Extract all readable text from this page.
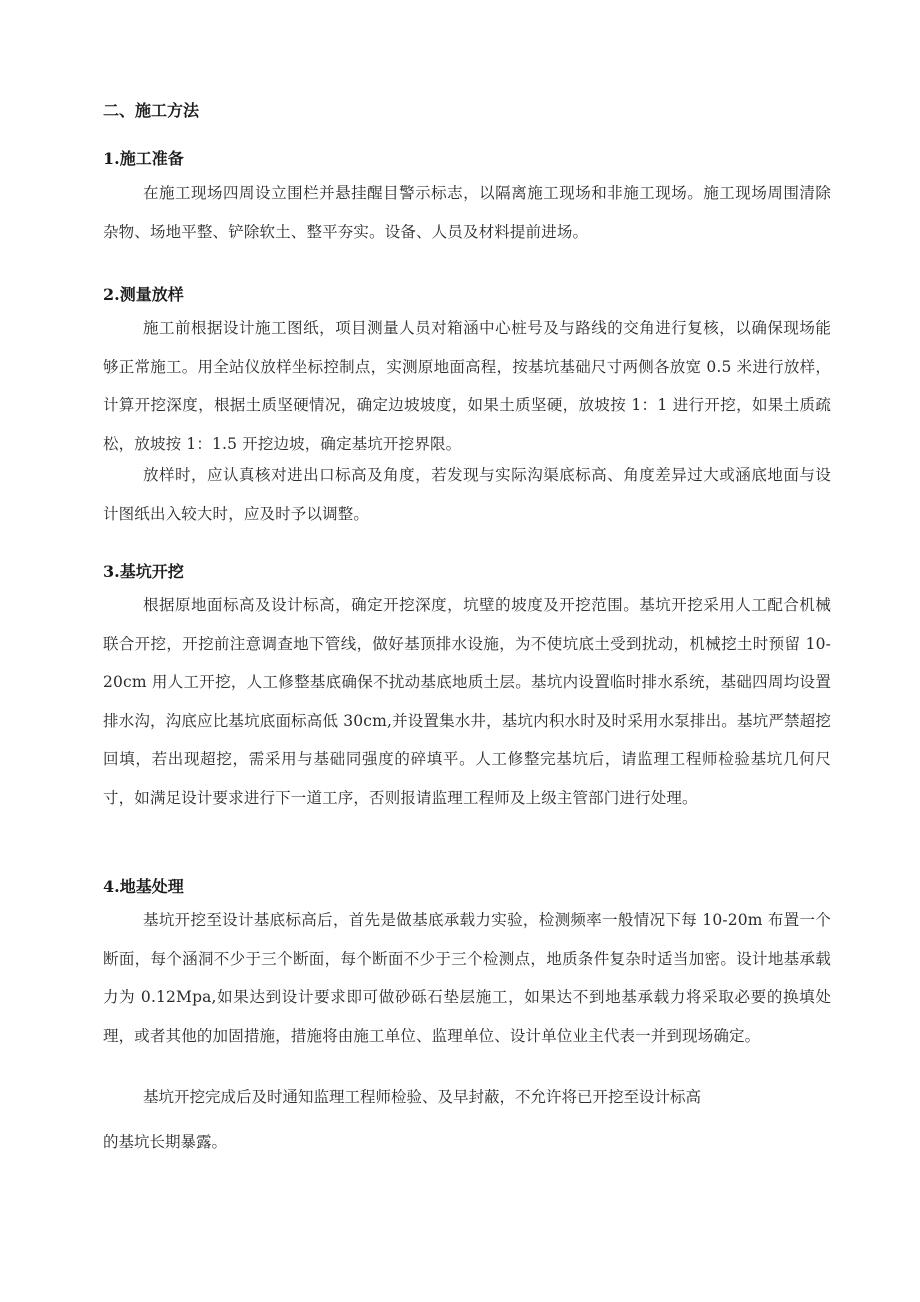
二、施工方法
1.施工准备
在施工现场四周设立围栏并悬挂醒目警示标志，以隔离施工现场和非施工现场。施工现场周围清除杂物、场地平整、铲除软土、整平夯实。设备、人员及材料提前进场。
2.测量放样
施工前根据设计施工图纸，项目测量人员对箱涵中心桩号及与路线的交角进行复核，以确保现场能够正常施工。用全站仪放样坐标控制点，实测原地面高程，按基坑基础尺寸两侧各放宽 0.5 米进行放样，计算开挖深度，根据土质坚硬情况，确定边坡坡度，如果土质坚硬，放坡按 1：1 进行开挖，如果土质疏松，放坡按 1：1.5 开挖边坡，确定基坑开挖界限。
放样时，应认真核对进出口标高及角度，若发现与实际沟渠底标高、角度差异过大或涵底地面与设计图纸出入较大时，应及时予以调整。
3.基坑开挖
根据原地面标高及设计标高，确定开挖深度，坑壁的坡度及开挖范围。基坑开挖采用人工配合机械联合开挖，开挖前注意调查地下管线，做好基顶排水设施，为不使坑底土受到扰动，机械挖土时预留 10-20cm 用人工开挖，人工修整基底确保不扰动基底地质土层。基坑内设置临时排水系统，基础四周均设置排水沟，沟底应比基坑底面标高低 30cm,并设置集水井，基坑内积水时及时采用水泵排出。基坑严禁超挖回填，若出现超挖，需采用与基础同强度的碎填平。人工修整完基坑后，请监理工程师检验基坑几何尺寸，如满足设计要求进行下一道工序，否则报请监理工程师及上级主管部门进行处理。
4.地基处理
基坑开挖至设计基底标高后，首先是做基底承载力实验，检测频率一般情况下每 10-20m 布置一个断面，每个涵洞不少于三个断面，每个断面不少于三个检测点，地质条件复杂时适当加密。设计地基承载力为 0.12Mpa,如果达到设计要求即可做砂砾石垫层施工，如果达不到地基承载力将采取必要的换填处理，或者其他的加固措施，措施将由施工单位、监理单位、设计单位业主代表一并到现场确定。
基坑开挖完成后及时通知监理工程师检验、及早封蔽，不允许将已开挖至设计标高
的基坑长期暴露。
